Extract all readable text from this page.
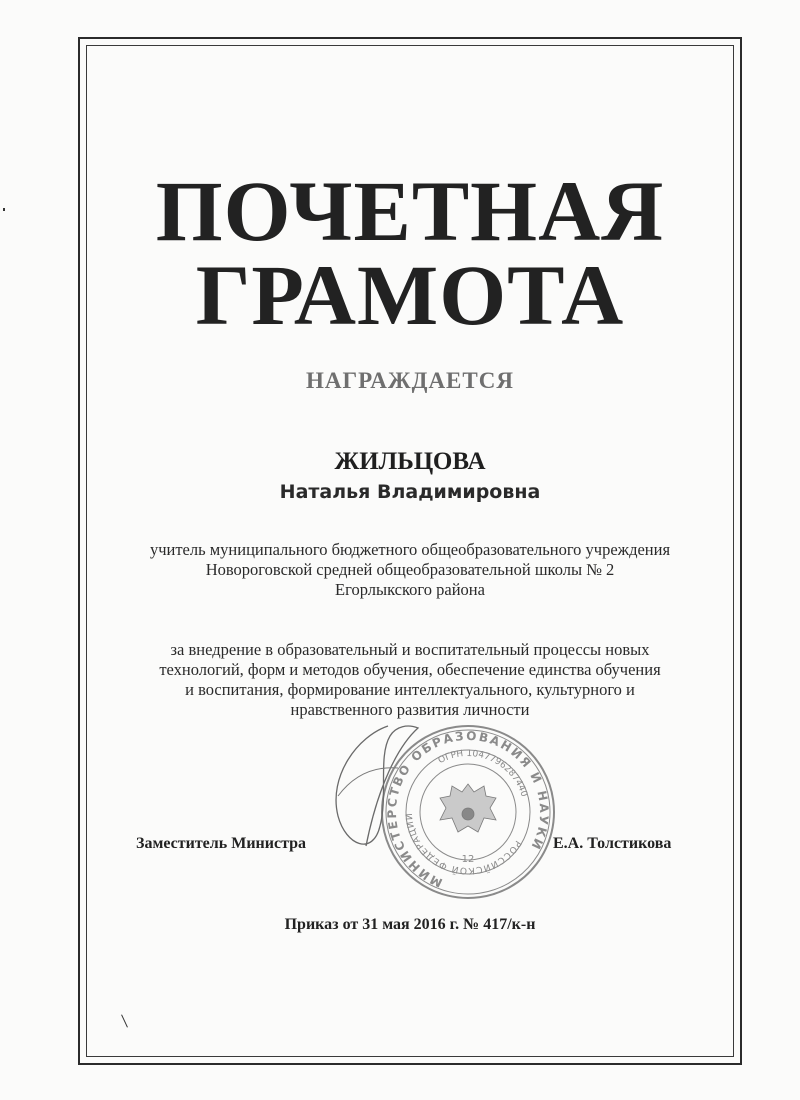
ПОЧЕТНАЯ
ГРАМОТА
НАГРАЖДАЕТСЯ
ЖИЛЬЦОВА
Наталья Владимировна
учитель муниципального бюджетного общеобразовательного учреждения
Новороговской средней общеобразовательной школы № 2
Егорлыкского района
за внедрение в образовательный и воспитательный процессы новых
технологий, форм и методов обучения, обеспечение единства обучения
и воспитания, формирование интеллектуального, культурного и
нравственного развития личности
МИНИСТЕРСТВО ОБРАЗОВАНИЯ И НАУКИ
РОССИЙСКОЙ ФЕДЕРАЦИИ
ОГРН 1047796287440
12
Заместитель Министра	Е.А. Толстикова
Приказ от 31 мая 2016 г. № 417/к-н
